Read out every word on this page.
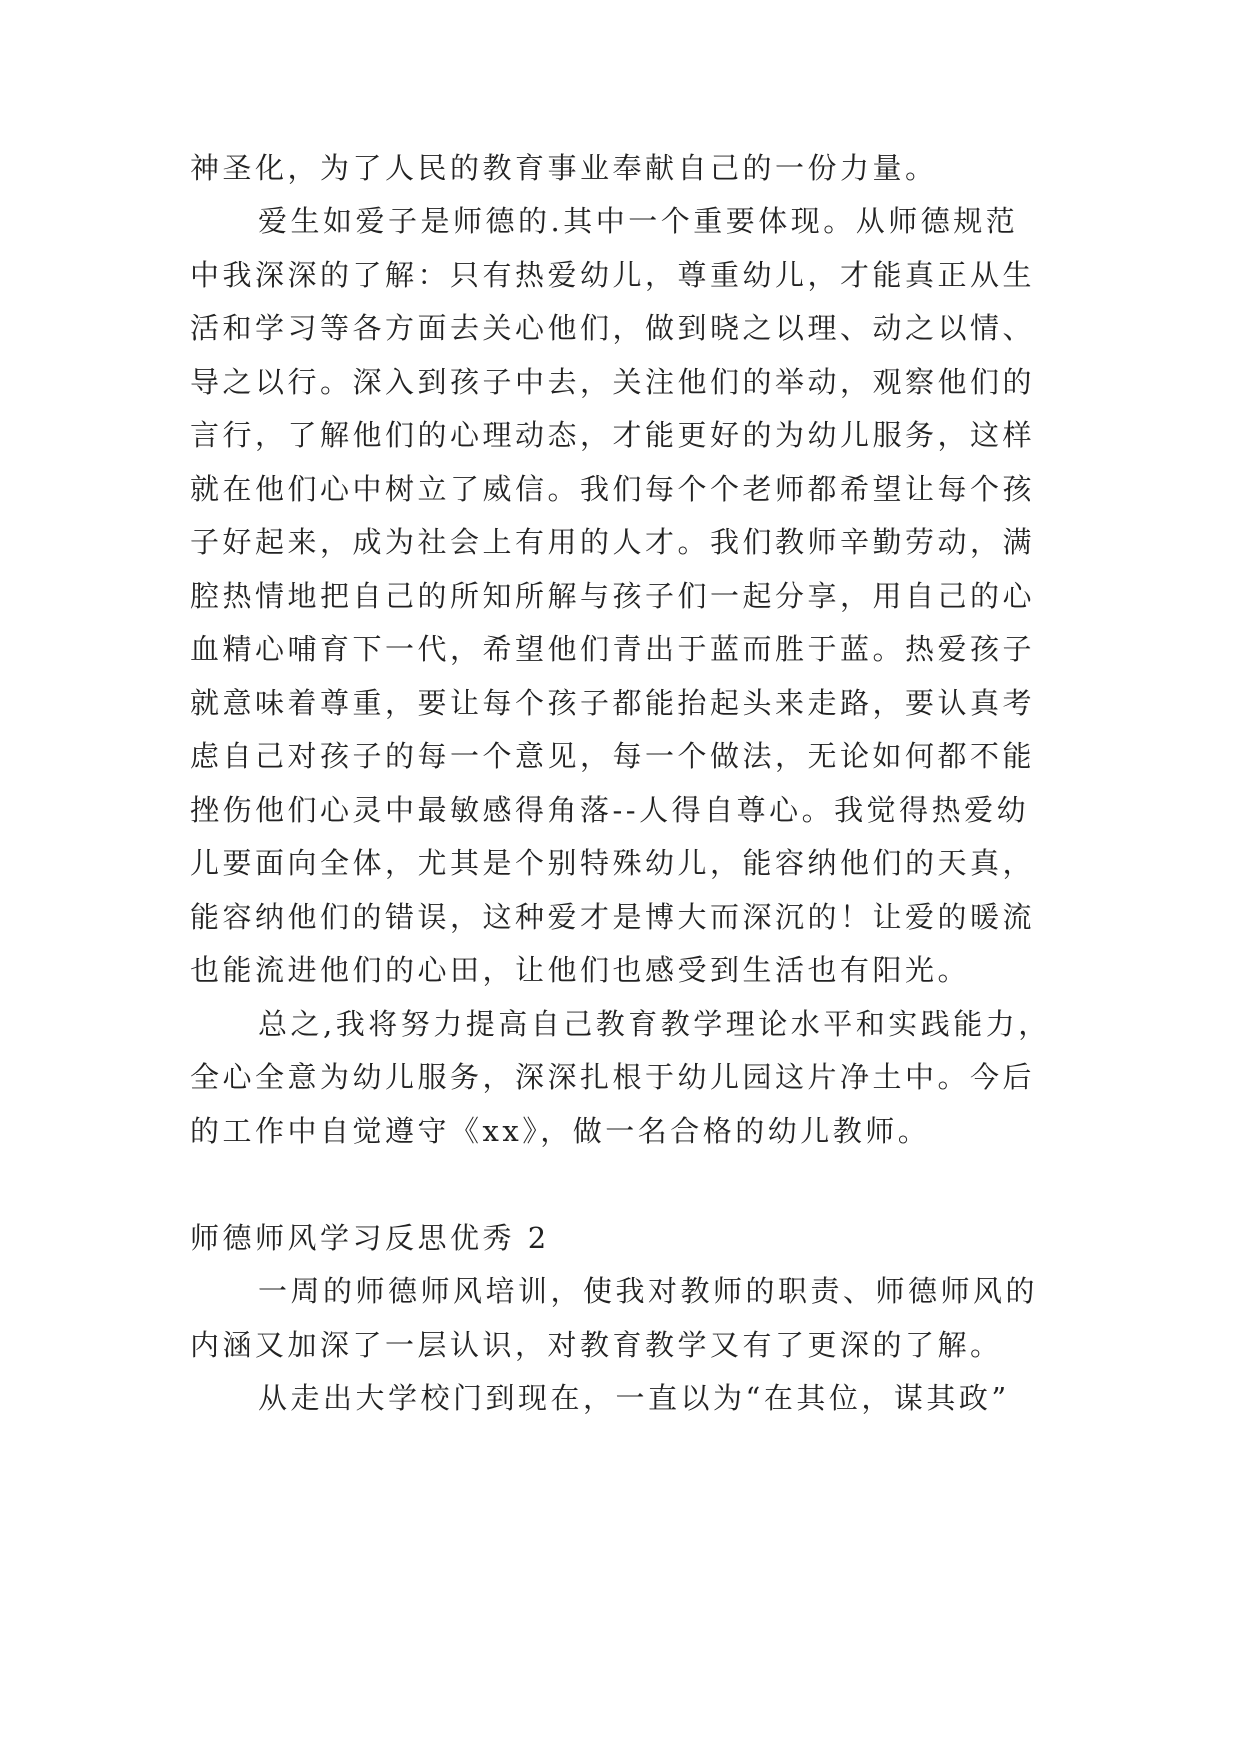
神圣化，为了人民的教育事业奉献自己的一份力量。
爱生如爱子是师德的.其中一个重要体现。从师德规范
中我深深的了解：只有热爱幼儿，尊重幼儿，才能真正从生
活和学习等各方面去关心他们，做到晓之以理、动之以情、
导之以行。深入到孩子中去，关注他们的举动，观察他们的
言行，了解他们的心理动态，才能更好的为幼儿服务，这样
就在他们心中树立了威信。我们每个个老师都希望让每个孩
子好起来，成为社会上有用的人才。我们教师辛勤劳动，满
腔热情地把自己的所知所解与孩子们一起分享，用自己的心
血精心哺育下一代，希望他们青出于蓝而胜于蓝。热爱孩子
就意味着尊重，要让每个孩子都能抬起头来走路，要认真考
虑自己对孩子的每一个意见，每一个做法，无论如何都不能
挫伤他们心灵中最敏感得角落--人得自尊心。我觉得热爱幼
儿要面向全体，尤其是个别特殊幼儿，能容纳他们的天真，
能容纳他们的错误，这种爱才是博大而深沉的！让爱的暖流
也能流进他们的心田，让他们也感受到生活也有阳光。
总之,我将努力提高自己教育教学理论水平和实践能力，
全心全意为幼儿服务，深深扎根于幼儿园这片净土中。今后
的工作中自觉遵守《xx》，做一名合格的幼儿教师。
师德师风学习反思优秀 2
一周的师德师风培训，使我对教师的职责、师德师风的
内涵又加深了一层认识，对教育教学又有了更深的了解。
从走出大学校门到现在，一直以为“在其位，谋其政”
